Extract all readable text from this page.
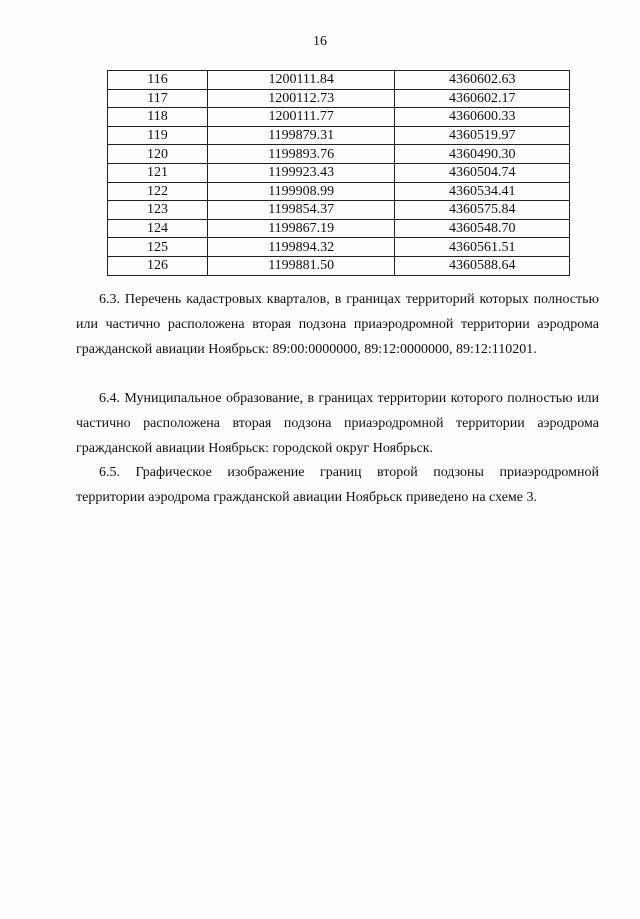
16
116	1200111.84	4360602.63
117	1200112.73	4360602.17
118	1200111.77	4360600.33
119	1199879.31	4360519.97
120	1199893.76	4360490.30
121	1199923.43	4360504.74
122	1199908.99	4360534.41
123	1199854.37	4360575.84
124	1199867.19	4360548.70
125	1199894.32	4360561.51
126	1199881.50	4360588.64

6.3. Перечень кадастровых кварталов, в границах территорий которых полностью или частично расположена вторая подзона приаэродромной территории аэродрома гражданской авиации Ноябрьск: 89:00:0000000, 89:12:0000000, 89:12:110201.

6.4. Муниципальное образование, в границах территории которого полностью или частично расположена вторая подзона приаэродромной территории аэродрома гражданской авиации Ноябрьск: городской округ Ноябрьск.

6.5. Графическое изображение границ второй подзоны приаэродромной территории аэродрома гражданской авиации Ноябрьск приведено на схеме 3.
